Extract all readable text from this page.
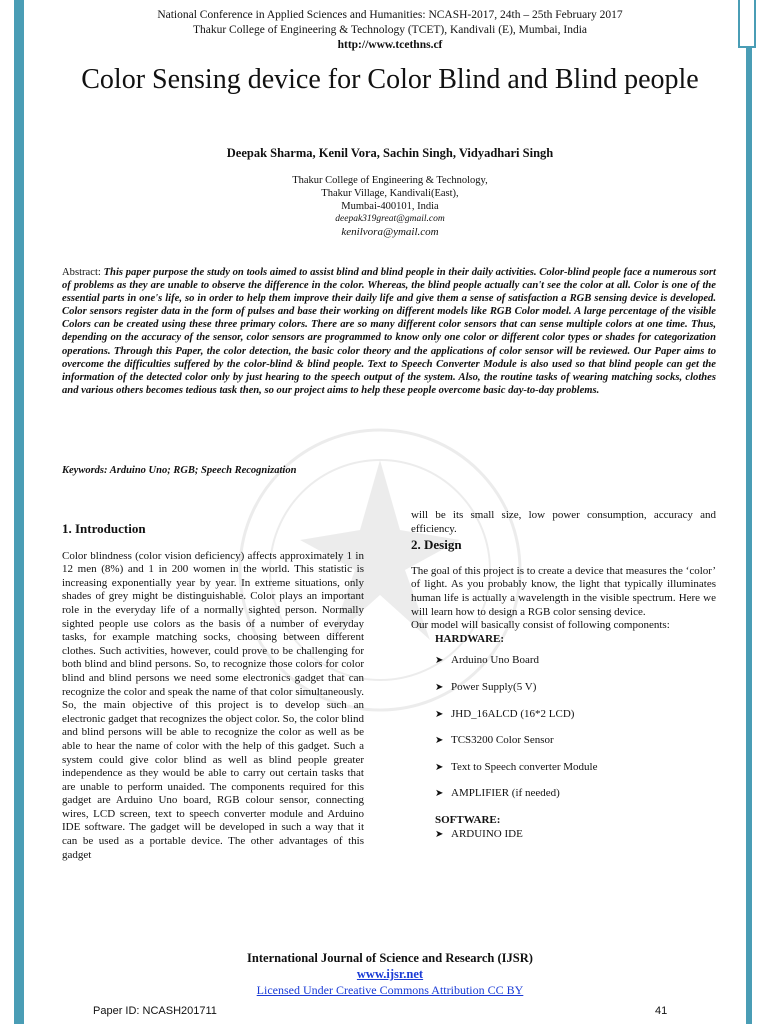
National Conference in Applied Sciences and Humanities: NCASH-2017, 24th – 25th February 2017
Thakur College of Engineering & Technology (TCET), Kandivali (E), Mumbai, India
http://www.tcethns.cf
Color Sensing device for Color Blind and Blind people
Deepak Sharma, Kenil Vora, Sachin Singh, Vidyadhari Singh
Thakur College of Engineering & Technology,
Thakur Village, Kandivali(East),
Mumbai-400101, India
deepak319great@gmail.com
kenilvora@ymail.com
Abstract: This paper purpose the study on tools aimed to assist blind and blind people in their daily activities. Color-blind people face a numerous sort of problems as they are unable to observe the difference in the color. Whereas, the blind people actually can't see the color at all. Color is one of the essential parts in one's life, so in order to help them improve their daily life and give them a sense of satisfaction a RGB sensing device is developed. Color sensors register data in the form of pulses and base their working on different models like RGB Color model. A large percentage of the visible Colors can be created using these three primary colors. There are so many different color sensors that can sense multiple colors at one time. Thus, depending on the accuracy of the sensor, color sensors are programmed to know only one color or different color types or shades for categorization operations. Through this Paper, the color detection, the basic color theory and the applications of color sensor will be reviewed. Our Paper aims to overcome the difficulties suffered by the color-blind & blind people. Text to Speech Converter Module is also used so that blind people can get the information of the detected color only by just hearing to the speech output of the system. Also, the routine tasks of wearing matching socks, clothes and various others becomes tedious task then, so our project aims to help these people overcome basic day-to-day problems.
Keywords: Arduino Uno; RGB; Speech Recognization
1. Introduction

Color blindness (color vision deficiency) affects approximately 1 in 12 men (8%) and 1 in 200 women in the world. This statistic is increasing exponentially year by year. In extreme situations, only shades of grey might be distinguishable. Color plays an important role in the everyday life of a normally sighted person. Normally sighted people use colors as the basis of a number of everyday tasks, for example matching socks, choosing between different clothes. Such activities, however, could prove to be challenging for both blind and blind persons. So, to recognize those colors for color blind and blind persons we need some electronics gadget that can recognize the color and speak the name of that color simultaneously. So, the main objective of this project is to develop such an electronic gadget that recognizes the object color. So, the color blind and blind persons will be able to recognize the color as well as be able to hear the name of color with the help of this gadget. Such a system could give color blind as well as blind people greater independence as they would be able to carry out certain tasks that are unable to perform unaided. The components required for this gadget are Arduino Uno board, RGB colour sensor, connecting wires, LCD screen, text to speech converter module and Arduino IDE software. The gadget will be developed in such a way that it can be used as a portable device. The other advantages of this gadget

will be its small size, low power consumption, accuracy and efficiency.

2. Design

The goal of this project is to create a device that measures the ‘color’ of light. As you probably know, the light that typically illuminates human life is actually a wavelength in the visible spectrum. Here we will learn how to design a RGB color sensing device.

Our model will basically consist of following components:

HARDWARE:

➤ Arduino Uno Board
➤ Power Supply(5 V)
➤ JHD_16ALCD (16*2 LCD)
➤ TCS3200 Color Sensor
➤ Text to Speech converter Module
➤ AMPLIFIER (if needed)

SOFTWARE:

➤ ARDUINO IDE
International Journal of Science and Research (IJSR)
www.ijsr.net
Licensed Under Creative Commons Attribution CC BY
Paper ID: NCASH201711	41
